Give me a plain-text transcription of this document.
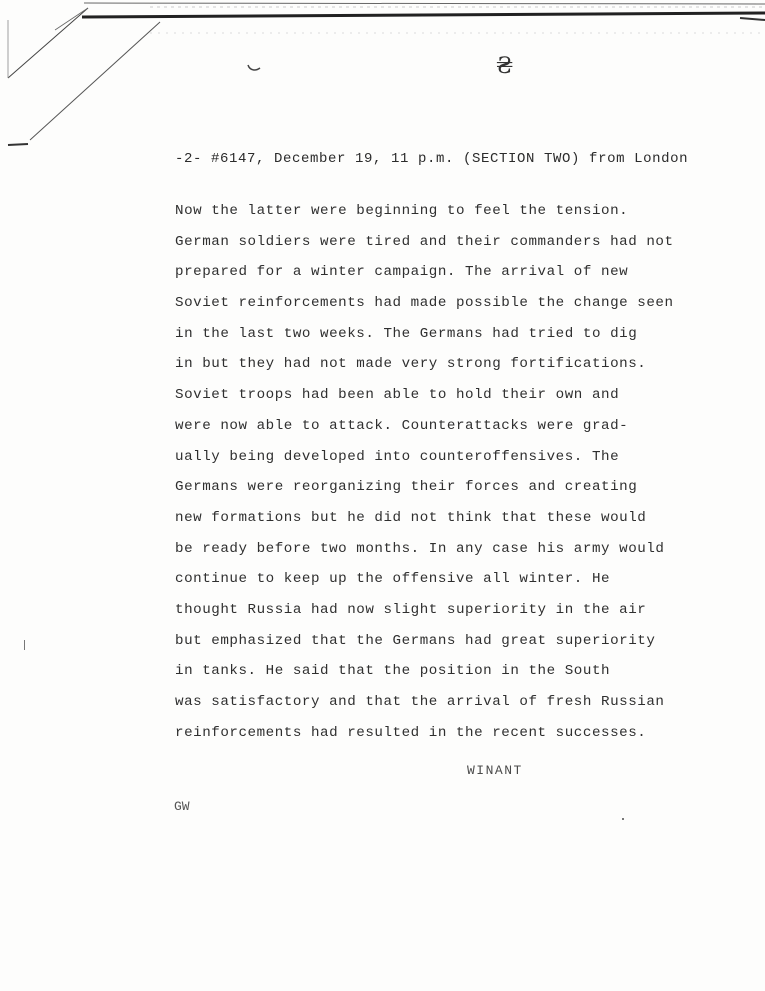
₴
-2- #6147, December 19, 11 p.m. (SECTION TWO) from London
Now the latter were beginning to feel the tension.
German soldiers were tired and their commanders had not
prepared for a winter campaign. The arrival of new
Soviet reinforcements had made possible the change seen
in the last two weeks. The Germans had tried to dig
in but they had not made very strong fortifications.
Soviet troops had been able to hold their own and
were now able to attack. Counterattacks were grad-
ually being developed into counteroffensives. The
Germans were reorganizing their forces and creating
new formations but he did not think that these would
be ready before two months. In any case his army would
continue to keep up the offensive all winter. He
thought Russia had now slight superiority in the air
but emphasized that the Germans had great superiority
in tanks. He said that the position in the South
was satisfactory and that the arrival of fresh Russian
reinforcements had resulted in the recent successes.
WINANT
GW
